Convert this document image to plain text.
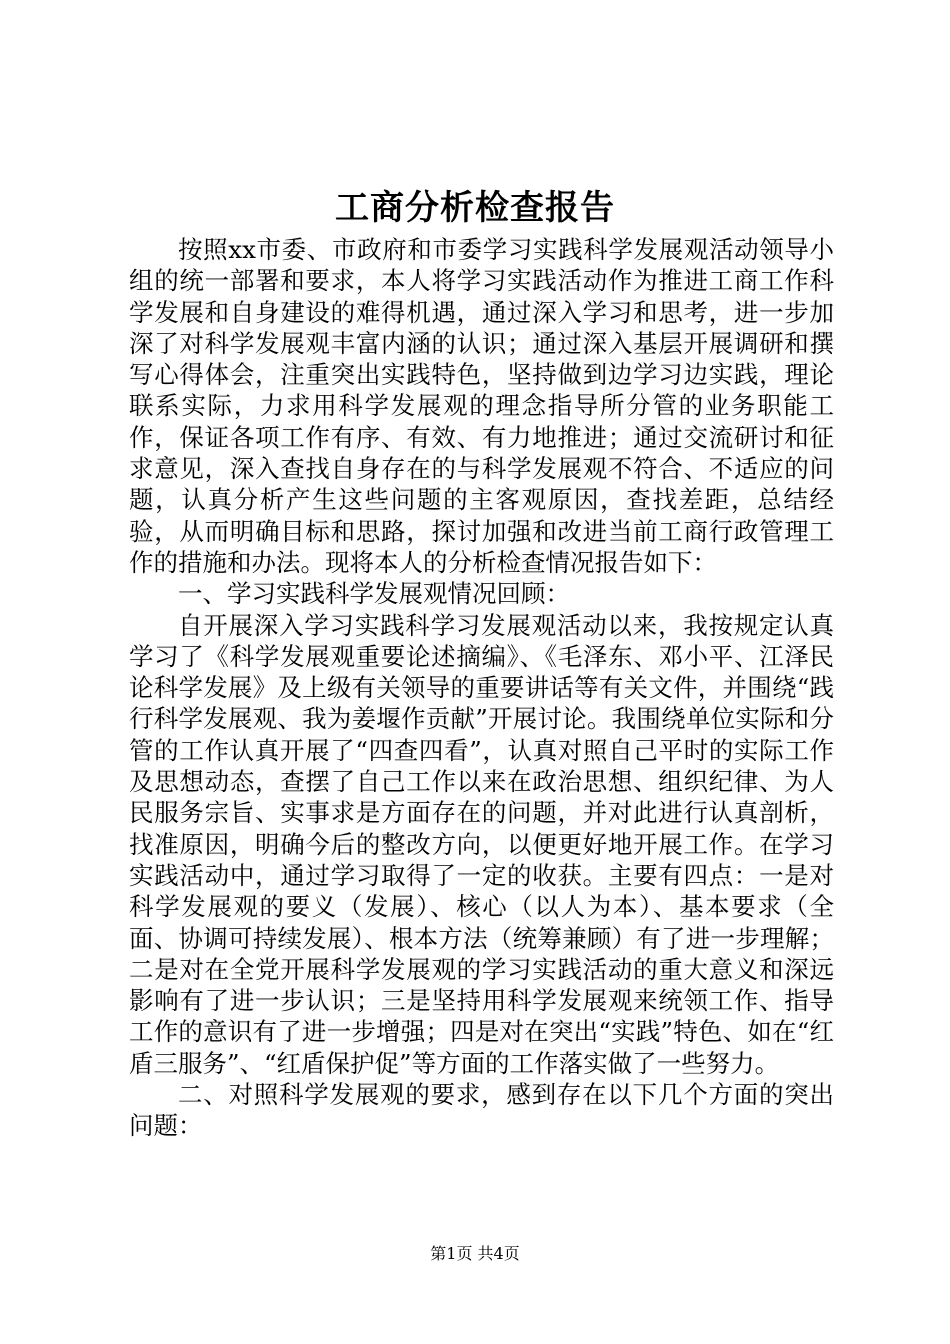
工商分析检查报告

按照xx市委、市政府和市委学习实践科学发展观活动领导小组的统一部署和要求，本人将学习实践活动作为推进工商工作科学发展和自身建设的难得机遇，通过深入学习和思考，进一步加深了对科学发展观丰富内涵的认识；通过深入基层开展调研和撰写心得体会，注重突出实践特色，坚持做到边学习边实践，理论联系实际，力求用科学发展观的理念指导所分管的业务职能工作，保证各项工作有序、有效、有力地推进；通过交流研讨和征求意见，深入查找自身存在的与科学发展观不符合、不适应的问题，认真分析产生这些问题的主客观原因，查找差距，总结经验，从而明确目标和思路，探讨加强和改进当前工商行政管理工作的措施和办法。现将本人的分析检查情况报告如下：

一、学习实践科学发展观情况回顾：

自开展深入学习实践科学习发展观活动以来，我按规定认真学习了《科学发展观重要论述摘编》、《毛泽东、邓小平、江泽民论科学发展》及上级有关领导的重要讲话等有关文件，并围绕“践行科学发展观、我为姜堰作贡献”开展讨论。我围绕单位实际和分管的工作认真开展了“四查四看”，认真对照自己平时的实际工作及思想动态，查摆了自己工作以来在政治思想、组织纪律、为人民服务宗旨、实事求是方面存在的问题，并对此进行认真剖析，找准原因，明确今后的整改方向，以便更好地开展工作。在学习实践活动中，通过学习取得了一定的收获。主要有四点：一是对科学发展观的要义（发展）、核心（以人为本）、基本要求（全面、协调可持续发展）、根本方法（统筹兼顾）有了进一步理解；二是对在全党开展科学发展观的学习实践活动的重大意义和深远影响有了进一步认识；三是坚持用科学发展观来统领工作、指导工作的意识有了进一步增强；四是对在突出“实践”特色、如在“红盾三服务”、“红盾保护促”等方面的工作落实做了一些努力。

二、对照科学发展观的要求，感到存在以下几个方面的突出问题：

第1页 共4页
